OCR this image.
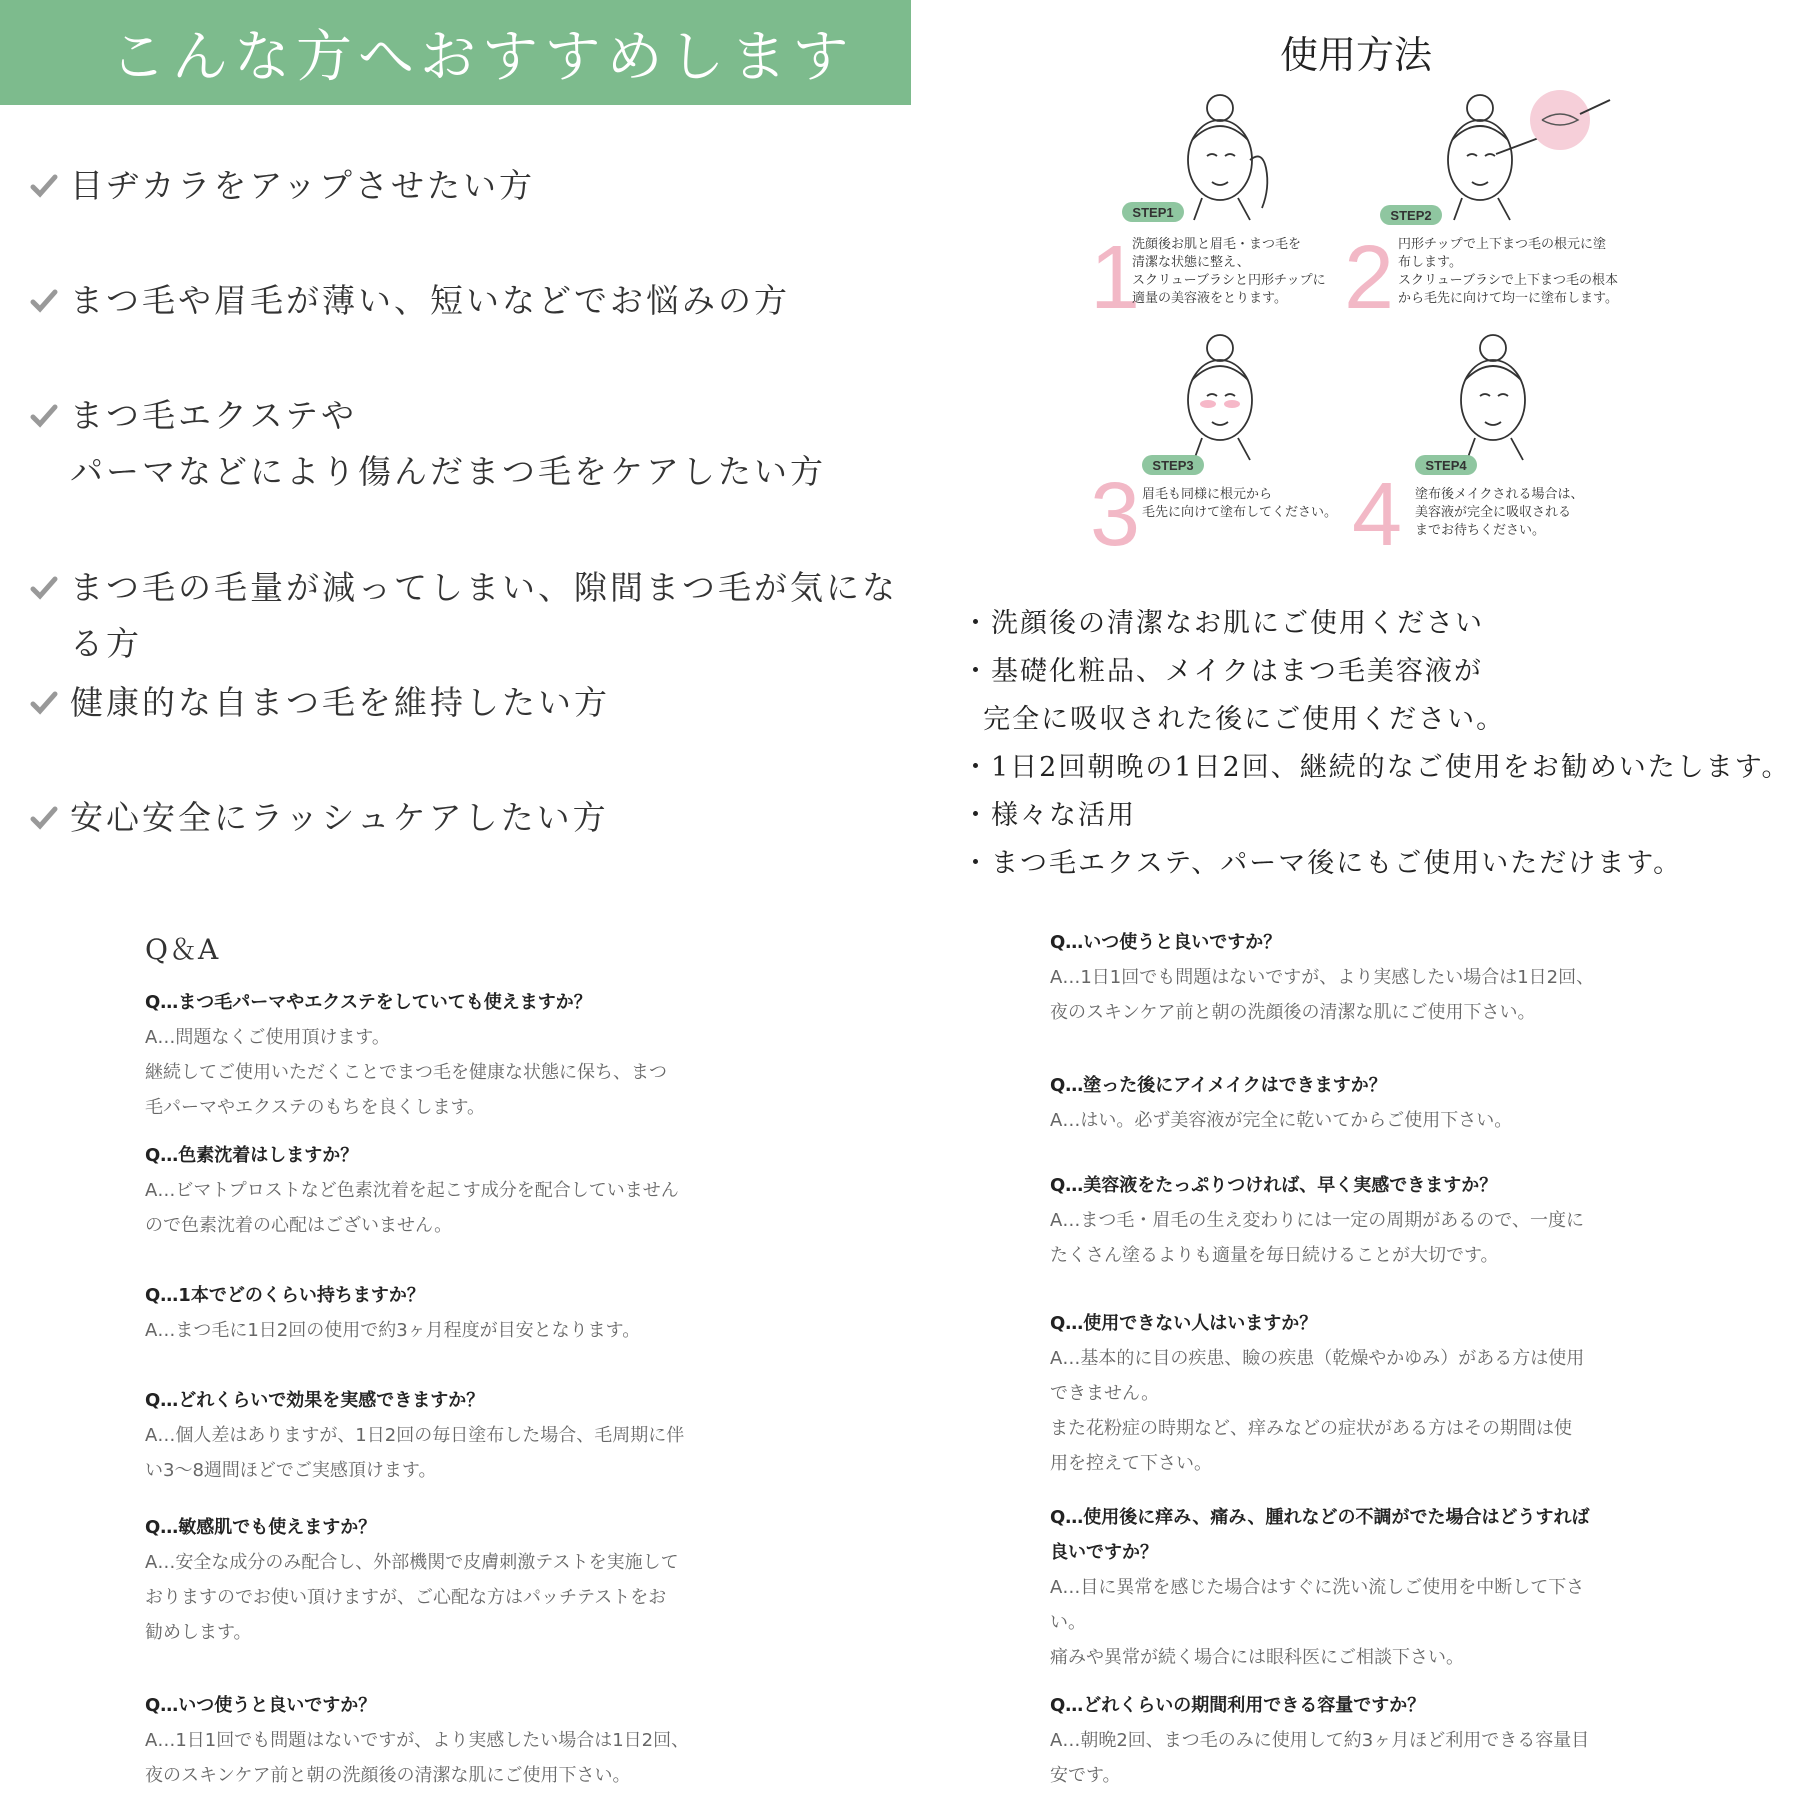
こんな方へおすすめします
目ヂカラをアップさせたい方
まつ毛や眉毛が薄い、短いなどでお悩みの方
まつ毛エクステや
パーマなどにより傷んだまつ毛をケアしたい方
まつ毛の毛量が減ってしまい、隙間まつ毛が気になる方
健康的な自まつ毛を維持したい方
安心安全にラッシュケアしたい方
使用方法
STEP1
1
洗顔後お肌と眉毛・まつ毛を
清潔な状態に整え、
スクリューブラシと円形チップに
適量の美容液をとります。
STEP2
2 円形チップで上下まつ毛の根元に塗
布します。
スクリューブラシで上下まつ毛の根本
から毛先に向けて均一に塗布します。
STEP3
3 眉毛も同様に根元から
毛先に向けて塗布してください。
STEP4
4 塗布後メイクされる場合は、
美容液が完全に吸収される
までお待ちください。
・洗顔後の清潔なお肌にご使用ください
・基礎化粧品、メイクはまつ毛美容液が
完全に吸収された後にご使用ください。
・1日2回朝晩の1日2回、継続的なご使用をお勧めいたします。
・様々な活用
・まつ毛エクステ、パーマ後にもご使用いただけます。
Q＆A
Q…まつ毛パーマやエクステをしていても使えますか？
A…問題なくご使用頂けます。
継続してご使用いただくことでまつ毛を健康な状態に保ち、まつ
毛パーマやエクステのもちを良くします。
Q…色素沈着はしますか？
A…ビマトプロストなど色素沈着を起こす成分を配合していません
ので色素沈着の心配はございません。
Q…1本でどのくらい持ちますか？
A…まつ毛に1日2回の使用で約3ヶ月程度が目安となります。
Q…どれくらいで効果を実感できますか？
A…個人差はありますが、1日2回の毎日塗布した場合、毛周期に伴
い3〜8週間ほどでご実感頂けます。
Q…敏感肌でも使えますか？
A…安全な成分のみ配合し、外部機関で皮膚刺激テストを実施して
おりますのでお使い頂けますが、ご心配な方はパッチテストをお
勧めします。
Q…いつ使うと良いですか？
A…1日1回でも問題はないですが、より実感したい場合は1日2回、
夜のスキンケア前と朝の洗顔後の清潔な肌にご使用下さい。
Q…いつ使うと良いですか？
A…1日1回でも問題はないですが、より実感したい場合は1日2回、
夜のスキンケア前と朝の洗顔後の清潔な肌にご使用下さい。
Q…塗った後にアイメイクはできますか？
A…はい。必ず美容液が完全に乾いてからご使用下さい。
Q…美容液をたっぷりつければ、早く実感できますか？
A…まつ毛・眉毛の生え変わりには一定の周期があるので、一度に
たくさん塗るよりも適量を毎日続けることが大切です。
Q…使用できない人はいますか？
A…基本的に目の疾患、瞼の疾患（乾燥やかゆみ）がある方は使用
できません。
また花粉症の時期など、痒みなどの症状がある方はその期間は使
用を控えて下さい。
Q…使用後に痒み、痛み、腫れなどの不調がでた場合はどうすれば
良いですか？
A…目に異常を感じた場合はすぐに洗い流しご使用を中断して下さ
い。
痛みや異常が続く場合には眼科医にご相談下さい。
Q…どれくらいの期間利用できる容量ですか？
A…朝晩2回、まつ毛のみに使用して約3ヶ月ほど利用できる容量目
安です。
